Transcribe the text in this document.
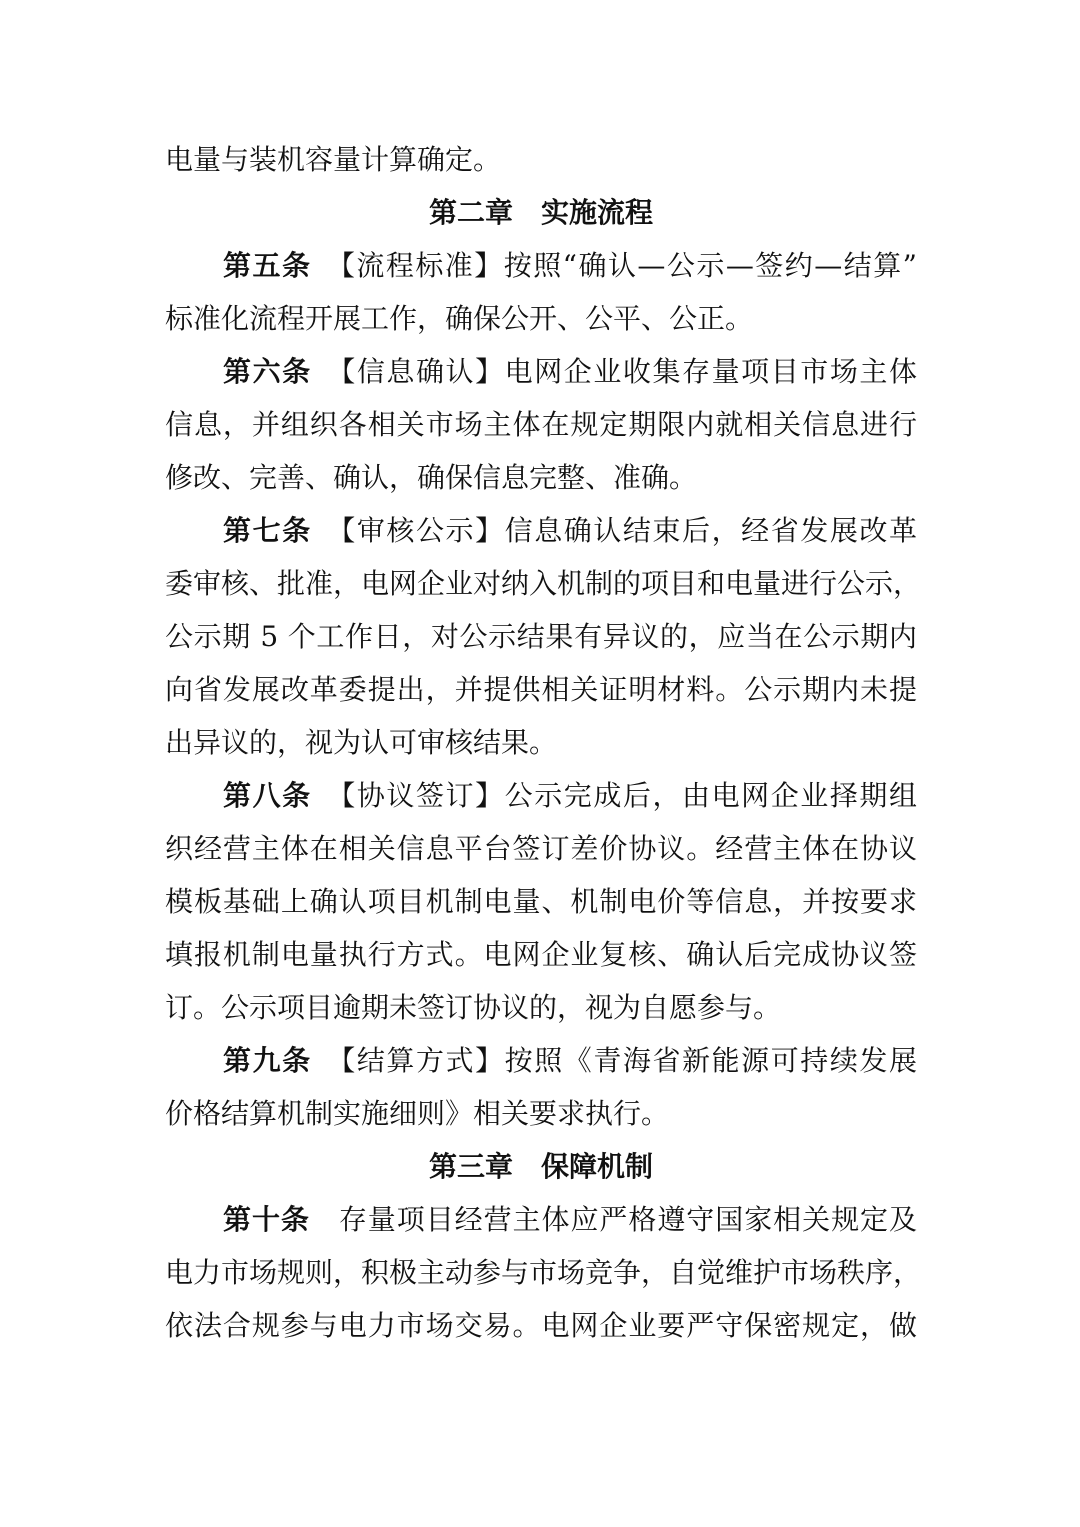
电量与装机容量计算确定。
第二章　实施流程
第五条　 【流程标准】按照“确认—公示—签约—结算”
标准化流程开展工作，确保公开、公平、公正。
第六条　 【信息确认】电网企业收集存量项目市场主体
信息，并组织各相关市场主体在规定期限内就相关信息进行
修改、完善、确认，确保信息完整、准确。
第七条　 【审核公示】信息确认结束后，经省发展改革
委审核、批准，电网企业对纳入机制的项目和电量进行公示，
公示期 5 个工作日，对公示结果有异议的，应当在公示期内
向省发展改革委提出，并提供相关证明材料。公示期内未提
出异议的，视为认可审核结果。
第八条　 【协议签订】公示完成后，由电网企业择期组
织经营主体在相关信息平台签订差价协议。经营主体在协议
模板基础上确认项目机制电量、机制电价等信息，并按要求
填报机制电量执行方式。电网企业复核、确认后完成协议签
订。公示项目逾期未签订协议的，视为自愿参与。
第九条　 【结算方式】按照《青海省新能源可持续发展
价格结算机制实施细则》相关要求执行。
第三章　保障机制
第十条　 存量项目经营主体应严格遵守国家相关规定及
电力市场规则，积极主动参与市场竞争，自觉维护市场秩序，
依法合规参与电力市场交易。电网企业要严守保密规定，做
